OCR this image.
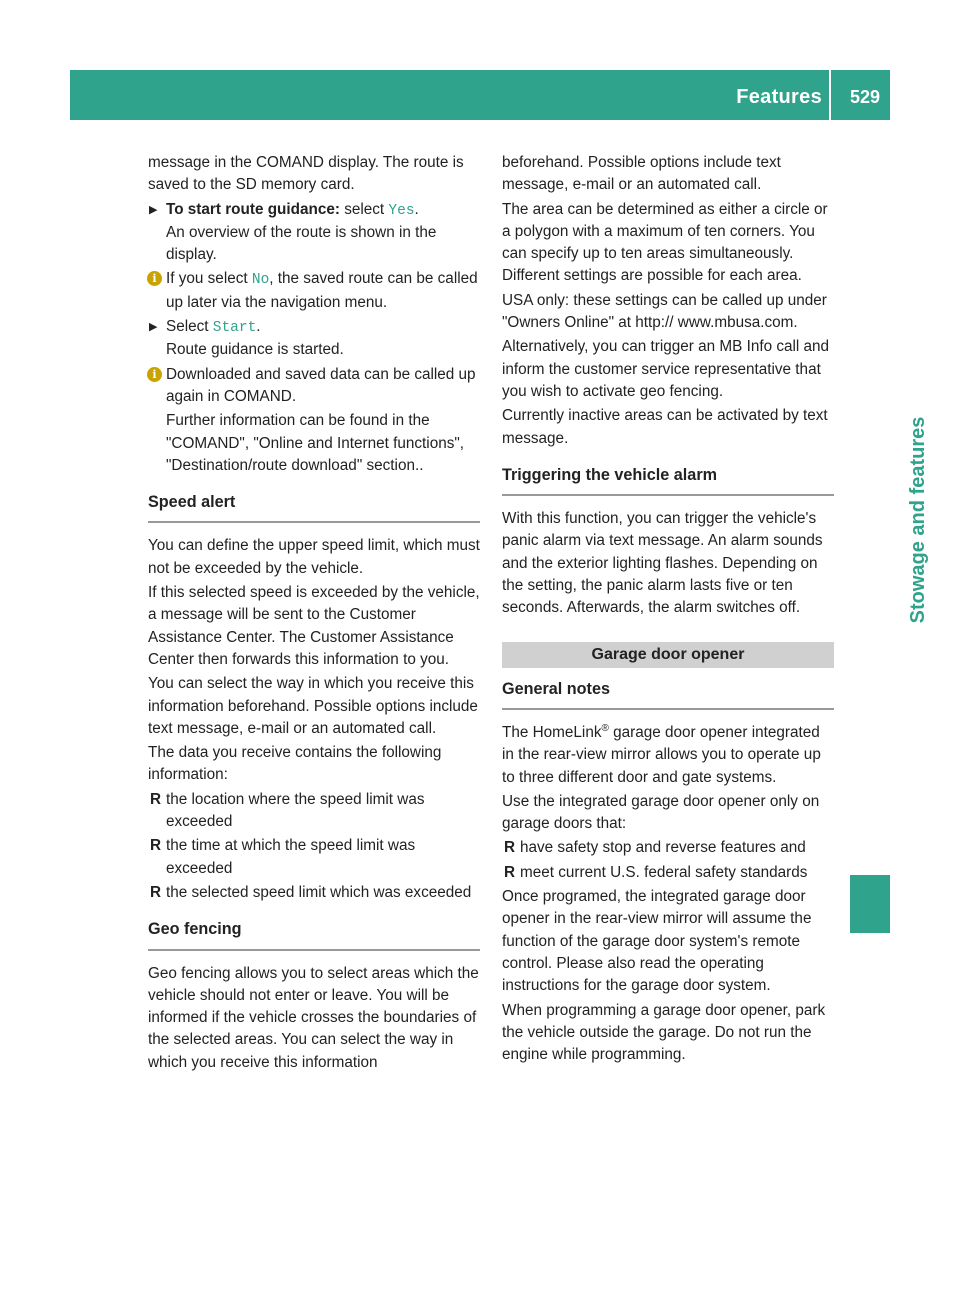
Features 529
Stowage and features

message in the COMAND display. The route is saved to the SD memory card.

▶ To start route guidance: select Yes.
An overview of the route is shown in the display.
i If you select No, the saved route can be called up later via the navigation menu.
▶ Select Start.
Route guidance is started.
i Downloaded and saved data can be called up again in COMAND.

Further information can be found in the "COMAND", "Online and Internet functions", "Destination/route download" section..

Speed alert

You can define the upper speed limit, which must not be exceeded by the vehicle.

If this selected speed is exceeded by the vehicle, a message will be sent to the Customer Assistance Center. The Customer Assistance Center then forwards this information to you.

You can select the way in which you receive this information beforehand. Possible options include text message, e-mail or an automated call.

The data you receive contains the following information:

R the location where the speed limit was exceeded
R the time at which the speed limit was exceeded
R the selected speed limit which was exceeded
Geo fencing

Geo fencing allows you to select areas which the vehicle should not enter or leave. You will be informed if the vehicle crosses the boundaries of the selected areas. You can select the way in which you receive this information

beforehand. Possible options include text message, e-mail or an automated call.

The area can be determined as either a circle or a polygon with a maximum of ten corners. You can specify up to ten areas simultaneously. Different settings are possible for each area.

USA only: these settings can be called up under "Owners Online" at http:// www.mbusa.com.

Alternatively, you can trigger an MB Info call and inform the customer service representative that you wish to activate geo fencing.

Currently inactive areas can be activated by text message.

Triggering the vehicle alarm

With this function, you can trigger the vehicle's panic alarm via text message. An alarm sounds and the exterior lighting flashes. Depending on the setting, the panic alarm lasts five or ten seconds. Afterwards, the alarm switches off.

Garage door opener
General notes

The HomeLink® garage door opener integrated in the rear-view mirror allows you to operate up to three different door and gate systems.

Use the integrated garage door opener only on garage doors that:

R have safety stop and reverse features and
R meet current U.S. federal safety standards

Once programed, the integrated garage door opener in the rear-view mirror will assume the function of the garage door system's remote control. Please also read the operating instructions for the garage door system.

When programming a garage door opener, park the vehicle outside the garage. Do not run the engine while programming.
